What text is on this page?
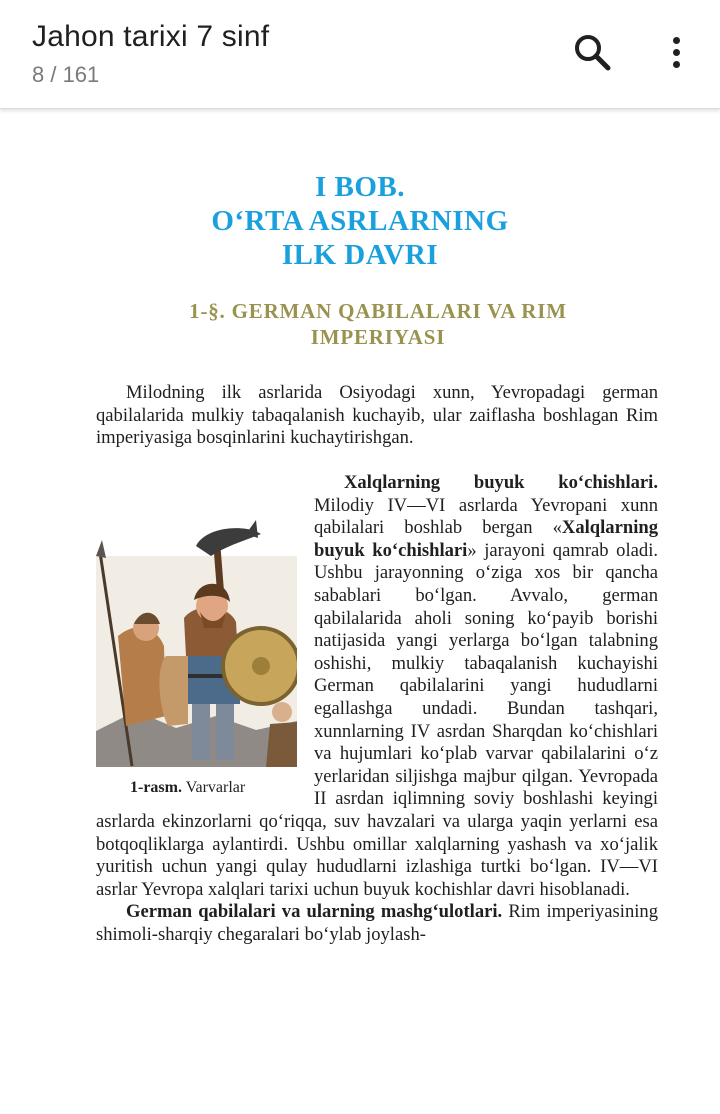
Jahon tarixi 7 sinf
8 / 161
I BOB.
O‘RTA ASRLARNING
ILK DAVRI
1-§. GERMAN QABILALARI VA RIM
IMPERIYASI

Milodning ilk asrlarida Osiyodagi xunn, Yevropadagi german qabilalarida mulkiy tabaqalanish kuchayib, ular zaiflasha boshlagan Rim imperiyasiga bosqinlarini kuchaytirishgan.

1-rasm. Varvarlar

Xalqlarning buyuk ko‘chishlari. Milodiy IV—VI asrlarda Yevropani xunn qabilalari boshlab bergan «Xalqlarning buyuk ko‘chishlari» jarayoni qamrab oladi. Ushbu jarayonning o‘ziga xos bir qancha sabablari bo‘lgan. Avvalo, german qabilalarida aholi soning ko‘payib borishi natijasida yangi yerlarga bo‘lgan talabning oshishi, mulkiy tabaqalanish kuchayishi German qabilalarini yangi hududlarni egallashga undadi. Bundan tashqari, xunnlarning IV asrdan Sharqdan ko‘chishlari va hujumlari ko‘plab varvar qabilalarini o‘z yerlaridan siljishga majbur qilgan. Yevropada II asrdan iqlimning soviy boshlashi keyingi asrlarda ekinzorlarni qo‘riqqa, suv havzalari va ularga yaqin yerlarni esa botqoqliklarga aylantirdi. Ushbu omillar xalqlarning yashash va xo‘jalik yuritish uchun yangi qulay hududlarni izlashiga turtki bo‘lgan. IV—VI asrlar Yevropa xalqlari tarixi uchun buyuk kochishlar davri hisoblanadi.

German qabilalari va ularning mashg‘ulotlari. Rim imperiyasining shimoli-sharqiy chegaralari bo‘ylab joylash-
